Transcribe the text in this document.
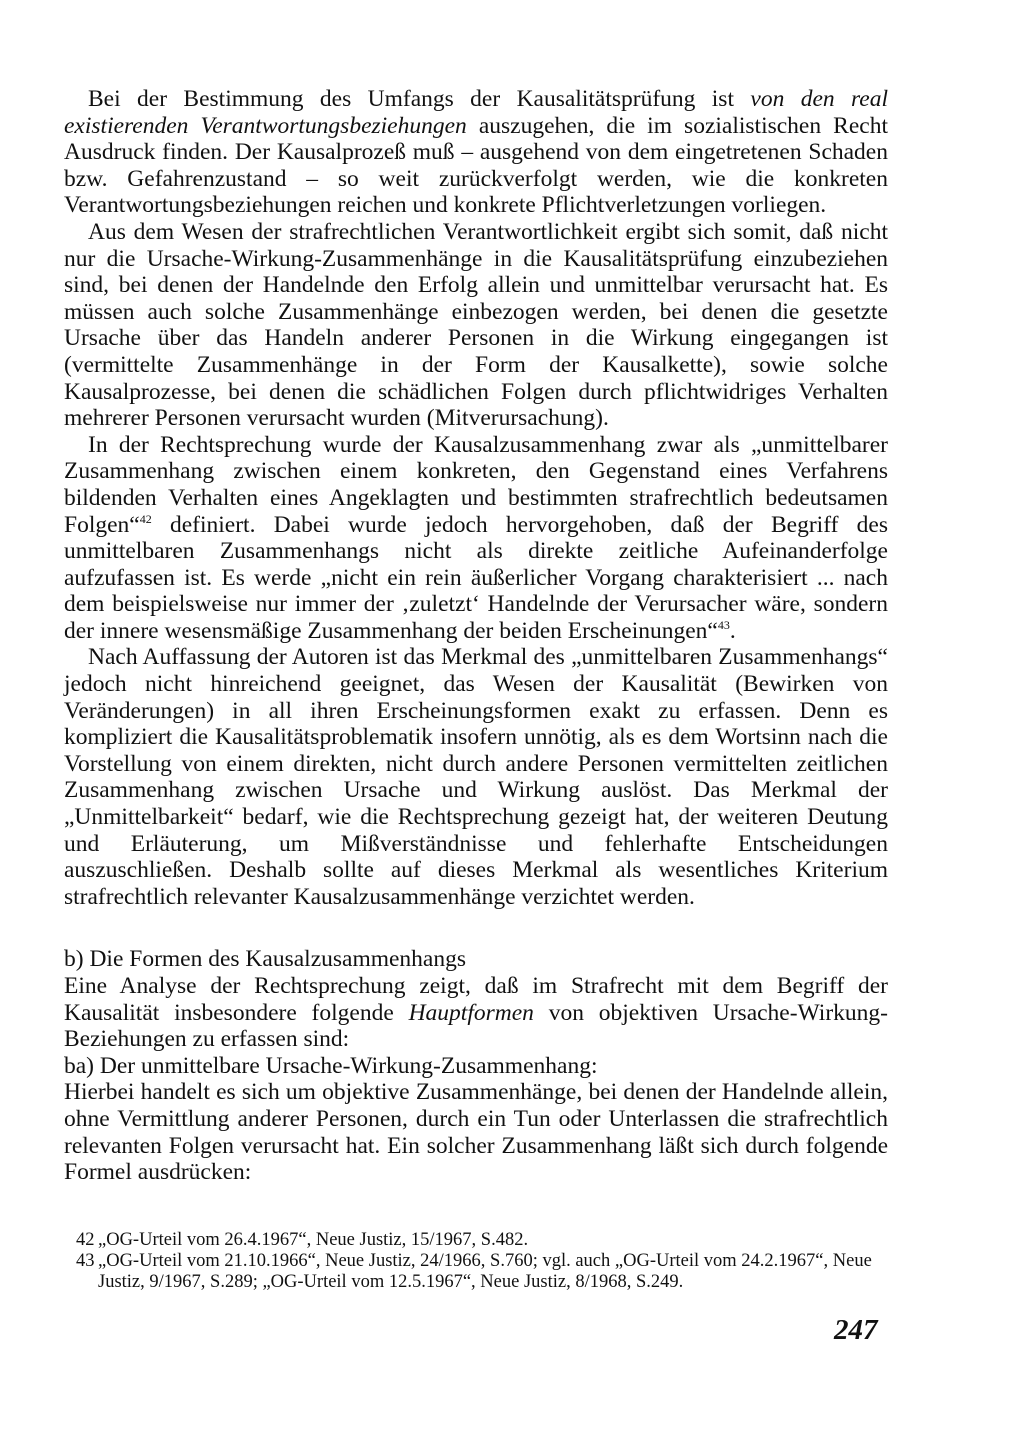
Bei der Bestimmung des Umfangs der Kausalitätsprüfung ist von den real existierenden Verantwortungsbeziehungen auszugehen, die im sozialistischen Recht Ausdruck finden. Der Kausalprozeß muß – ausgehend von dem eingetretenen Schaden bzw. Gefahrenzustand – so weit zurückverfolgt werden, wie die konkreten Verantwortungsbeziehungen reichen und konkrete Pflichtverletzungen vorliegen.

Aus dem Wesen der strafrechtlichen Verantwortlichkeit ergibt sich somit, daß nicht nur die Ursache-Wirkung-Zusammenhänge in die Kausalitätsprüfung einzubeziehen sind, bei denen der Handelnde den Erfolg allein und unmittelbar verursacht hat. Es müssen auch solche Zusammenhänge einbezogen werden, bei denen die gesetzte Ursache über das Handeln anderer Personen in die Wirkung eingegangen ist (vermittelte Zusammenhänge in der Form der Kausalkette), sowie solche Kausalprozesse, bei denen die schädlichen Folgen durch pflichtwidriges Verhalten mehrerer Personen verursacht wurden (Mitverursachung).

In der Rechtsprechung wurde der Kausalzusammenhang zwar als „unmittelbarer Zusammenhang zwischen einem konkreten, den Gegenstand eines Verfahrens bildenden Verhalten eines Angeklagten und bestimmten strafrechtlich bedeutsamen Folgen“$^{42}$ definiert. Dabei wurde jedoch hervorgehoben, daß der Begriff des unmittelbaren Zusammenhangs nicht als direkte zeitliche Aufeinanderfolge aufzufassen ist. Es werde „nicht ein rein äußerlicher Vorgang charakterisiert ... nach dem beispielsweise nur immer der ‚zuletzt‘ Handelnde der Verursacher wäre, sondern der innere wesensmäßige Zusammenhang der beiden Erscheinungen“$^{43}$.

Nach Auffassung der Autoren ist das Merkmal des „unmittelbaren Zusammenhangs“ jedoch nicht hinreichend geeignet, das Wesen der Kausalität (Bewirken von Veränderungen) in all ihren Erscheinungsformen exakt zu erfassen. Denn es kompliziert die Kausalitätsproblematik insofern unnötig, als es dem Wortsinn nach die Vorstellung von einem direkten, nicht durch andere Personen vermittelten zeitlichen Zusammenhang zwischen Ursache und Wirkung auslöst. Das Merkmal der „Unmittelbarkeit“ bedarf, wie die Rechtsprechung gezeigt hat, der weiteren Deutung und Erläuterung, um Mißverständnisse und fehlerhafte Entscheidungen auszuschließen. Deshalb sollte auf dieses Merkmal als wesentliches Kriterium strafrechtlich relevanter Kausalzusammenhänge verzichtet werden.

b) Die Formen des Kausalzusammenhangs

Eine Analyse der Rechtsprechung zeigt, daß im Strafrecht mit dem Begriff der Kausalität insbesondere folgende Hauptformen von objektiven Ursache-Wirkung-Beziehungen zu erfassen sind:

ba) Der unmittelbare Ursache-Wirkung-Zusammenhang:

Hierbei handelt es sich um objektive Zusammenhänge, bei denen der Handelnde allein, ohne Vermittlung anderer Personen, durch ein Tun oder Unterlassen die strafrechtlich relevanten Folgen verursacht hat. Ein solcher Zusammenhang läßt sich durch folgende Formel ausdrücken:

42 „OG-Urteil vom 26.4.1967“, Neue Justiz, 15/1967, S.482.
43 „OG-Urteil vom 21.10.1966“, Neue Justiz, 24/1966, S.760; vgl. auch „OG-Urteil vom 24.2.1967“, Neue Justiz, 9/1967, S.289; „OG-Urteil vom 12.5.1967“, Neue Justiz, 8/1968, S.249.
247
